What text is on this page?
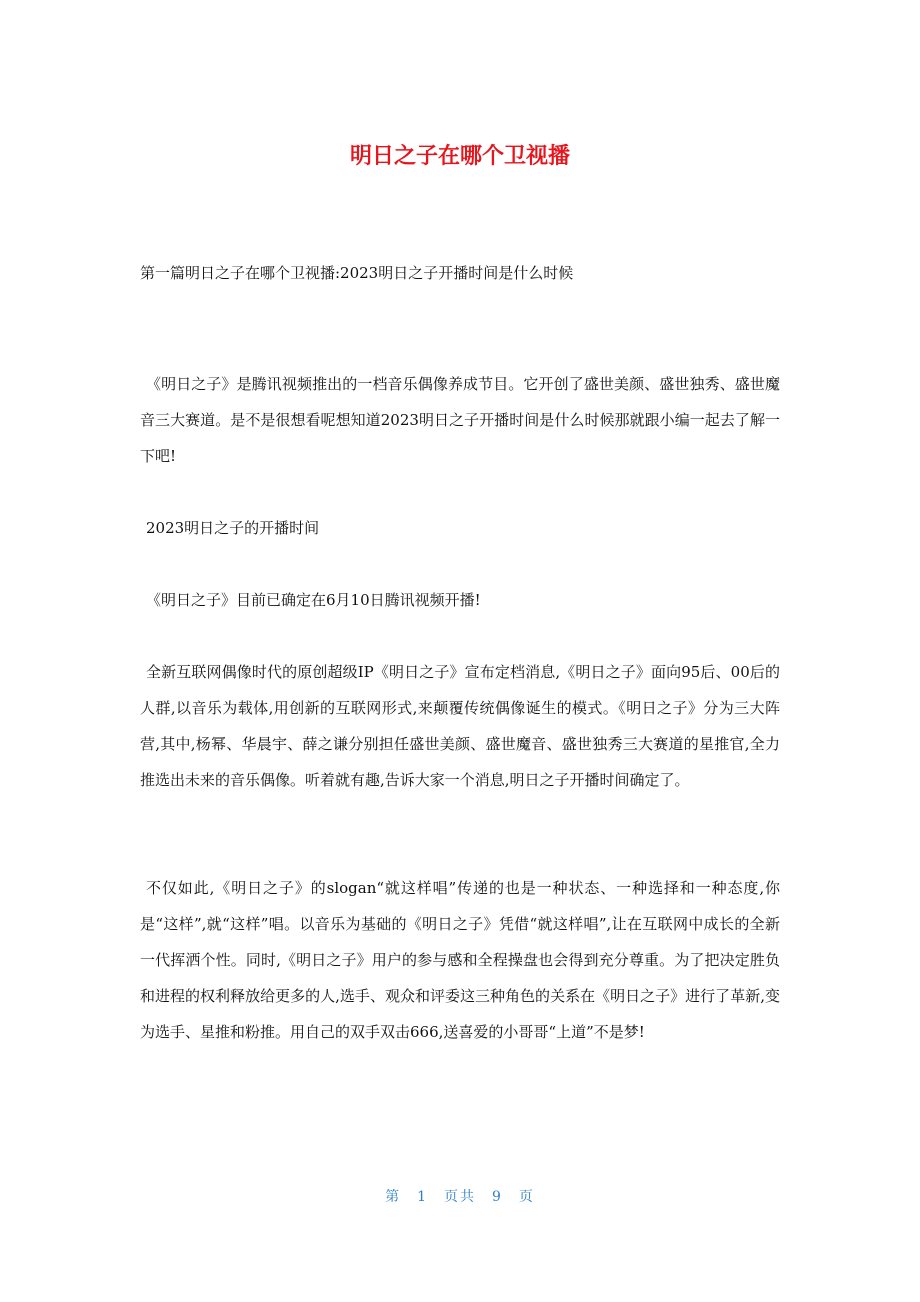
明日之子在哪个卫视播
第一篇明日之子在哪个卫视播:2023明日之子开播时间是什么时候
《明日之子》是腾讯视频推出的一档音乐偶像养成节目。它开创了盛世美颜、盛世独秀、盛世魔音三大赛道。是不是很想看呢想知道2023明日之子开播时间是什么时候那就跟小编一起去了解一下吧!
2023明日之子的开播时间
《明日之子》目前已确定在6月10日腾讯视频开播!
全新互联网偶像时代的原创超级IP《明日之子》宣布定档消息,《明日之子》面向95后、00后的人群,以音乐为载体,用创新的互联网形式,来颠覆传统偶像诞生的模式。《明日之子》分为三大阵营,其中,杨幂、华晨宇、薛之谦分别担任盛世美颜、盛世魔音、盛世独秀三大赛道的星推官,全力推选出未来的音乐偶像。听着就有趣,告诉大家一个消息,明日之子开播时间确定了。
不仅如此,《明日之子》的slogan“就这样唱”传递的也是一种状态、一种选择和一种态度,你是“这样”,就“这样”唱。以音乐为基础的《明日之子》凭借“就这样唱”,让在互联网中成长的全新一代挥洒个性。同时,《明日之子》用户的参与感和全程操盘也会得到充分尊重。为了把决定胜负和进程的权利释放给更多的人,选手、观众和评委这三种角色的关系在《明日之子》进行了革新,变为选手、星推和粉推。用自己的双手双击666,送喜爱的小哥哥“上道”不是梦!
第 1 页共 9 页
